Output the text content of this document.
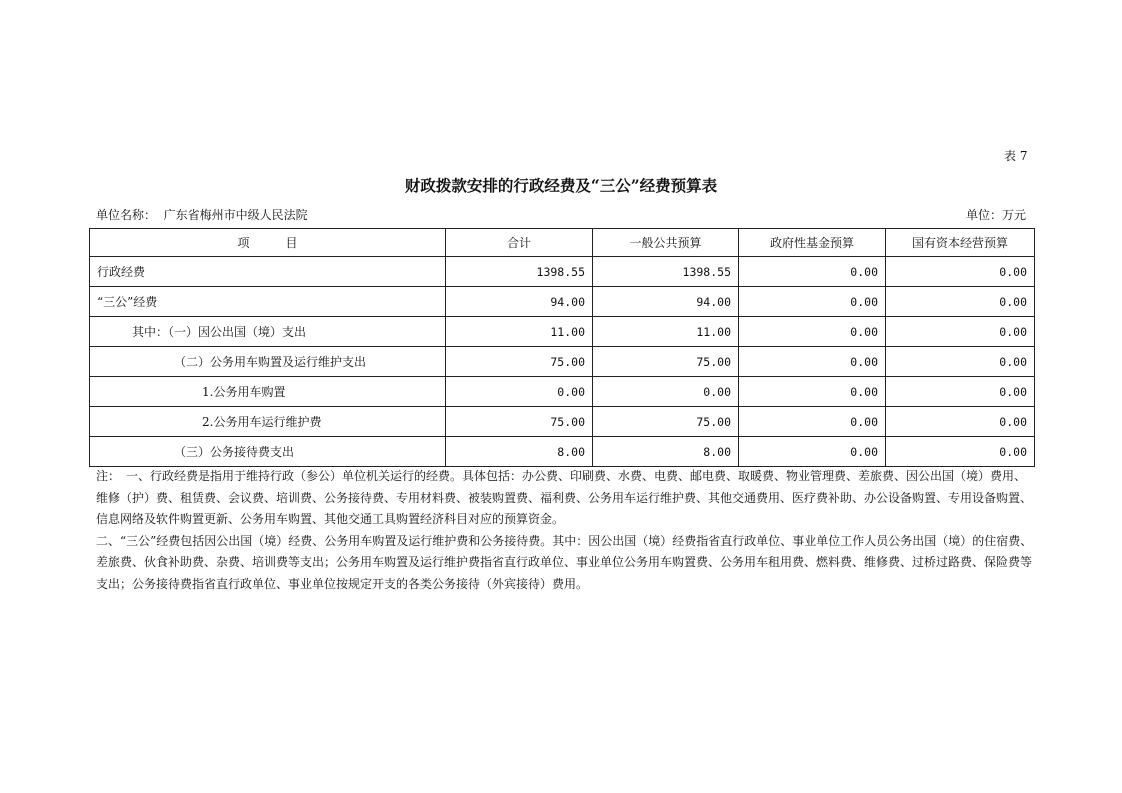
表 7
财政拨款安排的行政经费及“三公”经费预算表
单位名称： 广东省梅州市中级人民法院	单位：万元
项　　　目	合计	一般公共预算	政府性基金预算	国有资本经营预算
行政经费	1398.55	1398.55	0.00	0.00
“三公”经费	94.00	94.00	0.00	0.00
其中：（一）因公出国（境）支出	11.00	11.00	0.00	0.00
（二）公务用车购置及运行维护支出	75.00	75.00	0.00	0.00
1.公务用车购置	0.00	0.00	0.00	0.00
2.公务用车运行维护费	75.00	75.00	0.00	0.00
（三）公务接待费支出	8.00	8.00	0.00	0.00

注：　一、行政经费是指用于维持行政（参公）单位机关运行的经费。具体包括：办公费、印刷费、水费、电费、邮电费、取暖费、物业管理费、差旅费、因公出国（境）费用、维修（护）费、租赁费、会议费、培训费、公务接待费、专用材料费、被装购置费、福利费、公务用车运行维护费、其他交通费用、医疗费补助、办公设备购置、专用设备购置、信息网络及软件购置更新、公务用车购置、其他交通工具购置经济科目对应的预算资金。

二、“三公”经费包括因公出国（境）经费、公务用车购置及运行维护费和公务接待费。其中：因公出国（境）经费指省直行政单位、事业单位工作人员公务出国（境）的住宿费、差旅费、伙食补助费、杂费、培训费等支出；公务用车购置及运行维护费指省直行政单位、事业单位公务用车购置费、公务用车租用费、燃料费、维修费、过桥过路费、保险费等支出；公务接待费指省直行政单位、事业单位按规定开支的各类公务接待（外宾接待）费用。
